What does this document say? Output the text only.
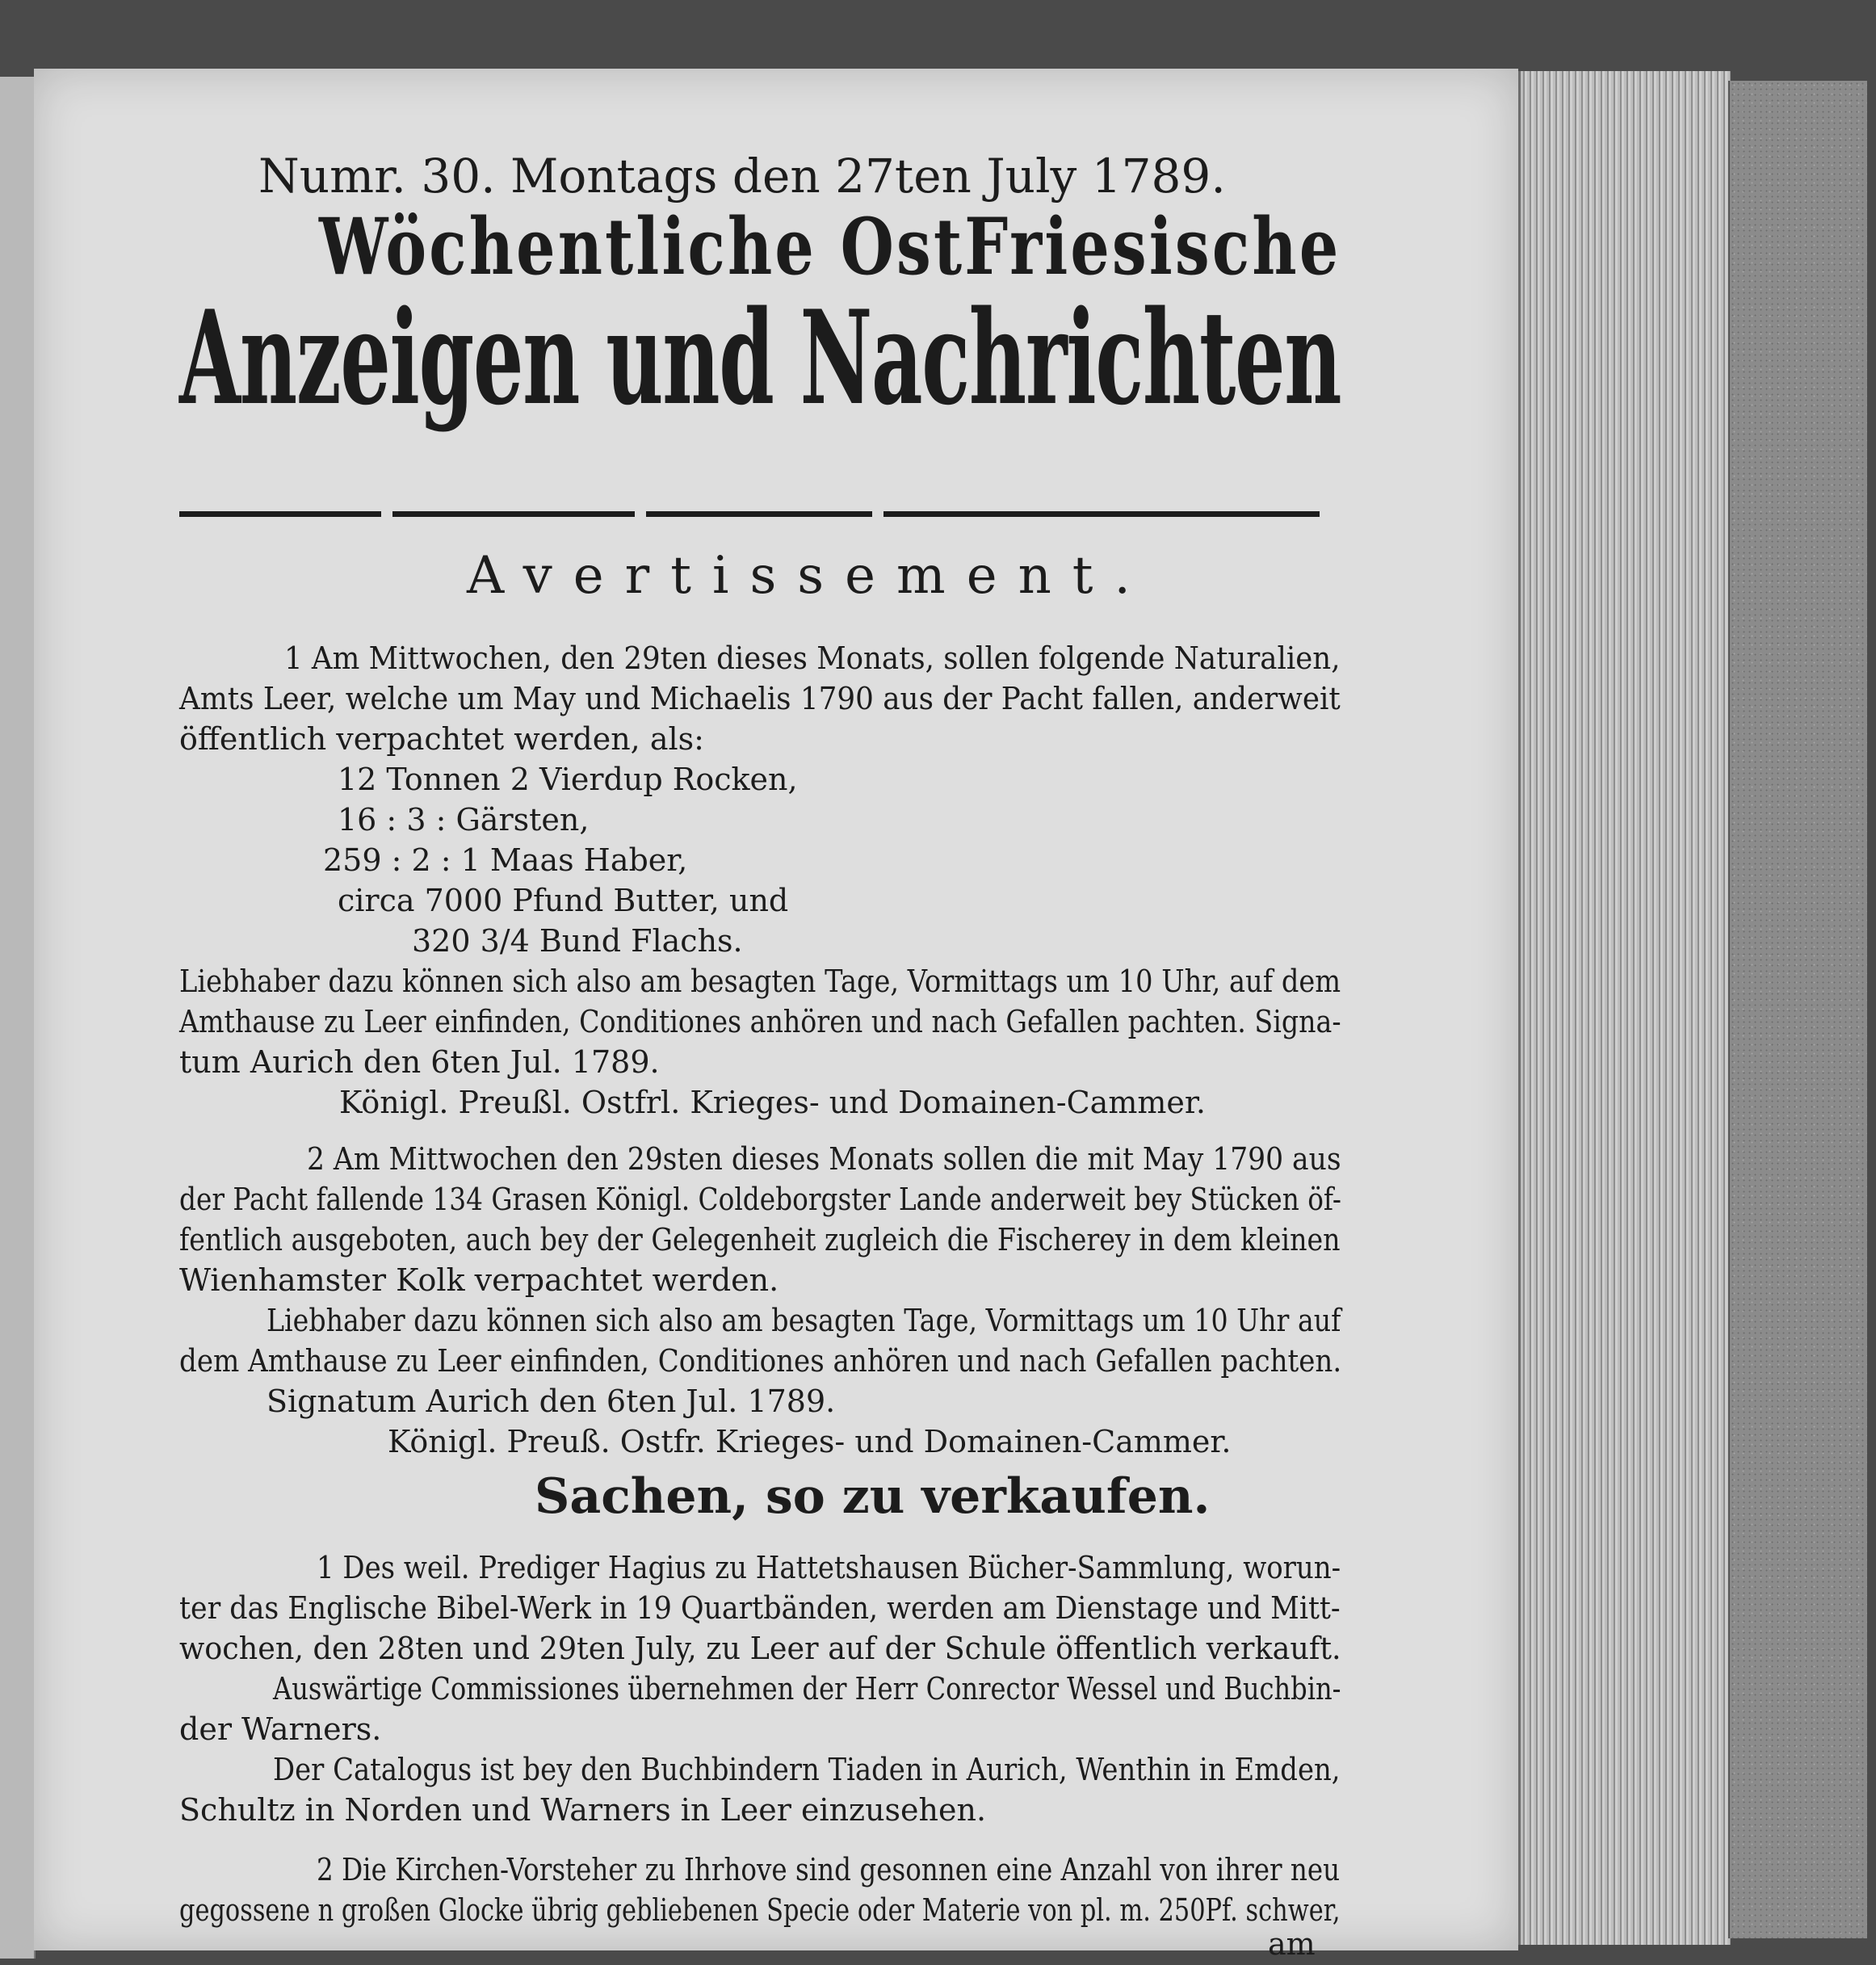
Numr. 30. Montags den 27ten July 1789.
Wöchentliche OstFriesische
Anzeigen und Nachrichten
Avertissement.
1 Am Mittwochen, den 29ten dieses Monats, sollen folgende Naturalien,
Amts Leer, welche um May und Michaelis 1790 aus der Pacht fallen, anderweit
öffentlich verpachtet werden, als:
12 Tonnen 2 Vierdup Rocken,
16 : 3 : Gärsten,
259 : 2 : 1 Maas Haber,
circa 7000 Pfund Butter, und
320 3/4 Bund Flachs.
Liebhaber dazu können sich also am besagten Tage, Vormittags um 10 Uhr, auf dem
Amthause zu Leer einfinden, Conditiones anhören und nach Gefallen pachten. Signa-
tum Aurich den 6ten Jul. 1789.
Königl. Preußl. Ostfrl. Krieges- und Domainen-Cammer.
2 Am Mittwochen den 29sten dieses Monats sollen die mit May 1790 aus
der Pacht fallende 134 Grasen Königl. Coldeborgster Lande anderweit bey Stücken öf-
fentlich ausgeboten, auch bey der Gelegenheit zugleich die Fischerey in dem kleinen
Wienhamster Kolk verpachtet werden.
Liebhaber dazu können sich also am besagten Tage, Vormittags um 10 Uhr auf
dem Amthause zu Leer einfinden, Conditiones anhören und nach Gefallen pachten.
Signatum Aurich den 6ten Jul. 1789.
Königl. Preuß. Ostfr. Krieges- und Domainen-Cammer.
Sachen, so zu verkaufen.
1 Des weil. Prediger Hagius zu Hattetshausen Bücher-Sammlung, worun-
ter das Englische Bibel-Werk in 19 Quartbänden, werden am Dienstage und Mitt-
wochen, den 28ten und 29ten July, zu Leer auf der Schule öffentlich verkauft.
Auswärtige Commissiones übernehmen der Herr Conrector Wessel und Buchbin-
der Warners.
Der Catalogus ist bey den Buchbindern Tiaden in Aurich, Wenthin in Emden,
Schultz in Norden und Warners in Leer einzusehen.
2 Die Kirchen-Vorsteher zu Ihrhove sind gesonnen eine Anzahl von ihrer neu
gegossene n großen Glocke übrig gebliebenen Specie oder Materie von pl. m. 250Pf. schwer,
am
